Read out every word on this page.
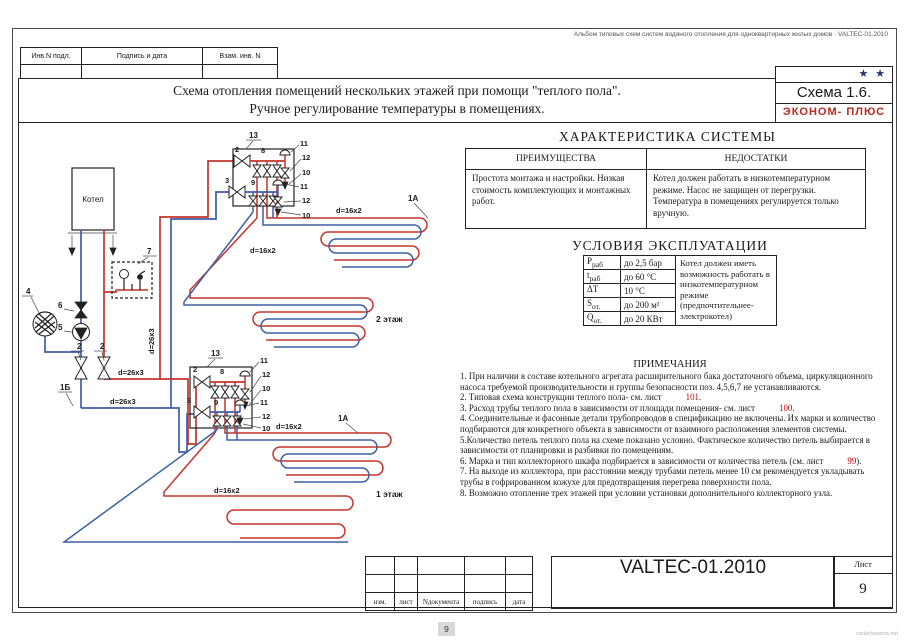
Альбом типовых схем систем водяного отопления для одноквартирных жилых домов · VALTEC-01.2010
Инв.N подл.	Подпись и дата	Взам. инв. N

Схема отопления помещений нескольких этажей при помощи "теплого пола".
Ручное регулирование температуры в помещениях.
★ ★
Схема 1.6.
ЭКОНОМ- ПЛЮС
Котел
4
6
5
7
2 2
1Б
d=26x3
d=26x3
d=26x3
d=16x2
d=16x2
d=16x2
d=16x2
1А
1А
2 этаж
1 этаж
13
2	8
3	9
11
12
10
11
12
10
13
2	8
3	9
11
12
10
11
12
10
ХАРАКТЕРИСТИКА СИСТЕМЫ
ПРЕИМУЩЕСТВА	НЕДОСТАТКИ
Простота монтажа и настройки. Низкая стоимость комплектующих и монтажных работ.	Котел должен работать в низкотемпературном режиме. Насос не защищен от перегрузки. Температура в помещениях регулируется только вручную.
УСЛОВИЯ ЭКСПЛУАТАЦИИ
$Р_{раб}$	до 2,5 бар	Котел должен иметь возможность работать в низкотемпературном режиме (предпочтительнее- электрокотел)
$t_{раб}$	до 60 °С	
ΔТ	10 °С	
$S_{от.}$	до 200 м²	
$Q_{от.}$	до 20 КВт	
ПРИМЕЧАНИЯ

1. При наличии в составе котельного агрегата расширительного бака достаточного объема, циркуляционного насоса требуемой производительности и группы безопасности поз. 4,5,6,7 не устанавливаются.

2. Типовая схема конструкции теплого пола- см. лист	101.

3. Расход трубы теплого пола в зависимости от площади помещения- см. лист	100.

4. Соединительные и фасонные детали трубопроводов в спецификацию не включены. Их марки и количество подбираются для конкретного объекта в зависимости от взаимного расположения элементов системы.

5.Количество петель теплого пола на схеме показано условно. Фактическое количество петель выбирается в зависимости от планировки и разбивки по помещениям.

6. Марка и тип коллекторного шкафа подбирается в зависимости от количества петель (см. лист	99).

7. На выходе из коллектора, при расстоянии между трубами петель менее 10 см рекомендуется укладывать трубы в гофрированном кожухе для предотвращения перегрева поверхности пола.

8. Возможно отопление трех этажей при условии установки дополнительного коллекторного узла.

изм.	лист	Nдокумента	подпись	дата
VALTEC-01.2010	Лист
9
9	santehsxema.net
